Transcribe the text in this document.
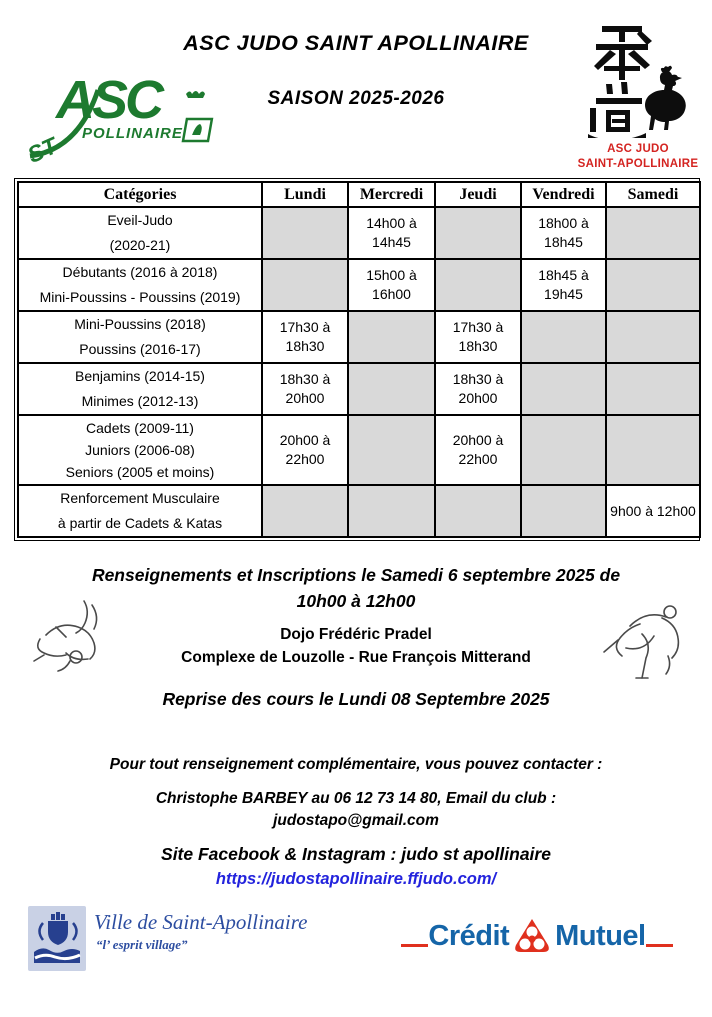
ASC JUDO SAINT APOLLINAIRE
SAISON 2025-2026
ASC
ST POLLINAIRE
ASC JUDO
SAINT-APOLLINAIRE
Catégories	Lundi	Mercredi	Jeudi	Vendredi	Samedi

Eveil-Judo
(2020-21)		14h00 à 14h45		18h00 à 18h45	

Débutants (2016 à 2018)
Mini-Poussins - Poussins (2019)		15h00 à 16h00		18h45 à 19h45	

Mini-Poussins (2018)
Poussins (2016-17)	17h30 à 18h30		17h30 à 18h30		

Benjamins (2014-15)
Minimes (2012-13)	18h30 à 20h00		18h30 à 20h00		

Cadets (2009-11)
Juniors (2006-08)
Seniors (2005 et moins)	20h00 à 22h00		20h00 à 22h00		

Renforcement Musculaire
à partir de Cadets & Katas					9h00 à 12h00
Renseignements et Inscriptions le Samedi 6 septembre 2025 de
10h00 à 12h00
Dojo Frédéric Pradel
Complexe de Louzolle - Rue François Mitterand
Reprise des cours le Lundi 08 Septembre 2025
Pour tout renseignement complémentaire, vous pouvez contacter :
Christophe BARBEY au 06 12 73 14 80, Email du club :
judostapo@gmail.com
Site Facebook & Instagram : judo st apollinaire
https://judostapollinaire.ffjudo.com/
Ville de Saint-Apollinaire
“l’ esprit village”	Crédit Mutuel
